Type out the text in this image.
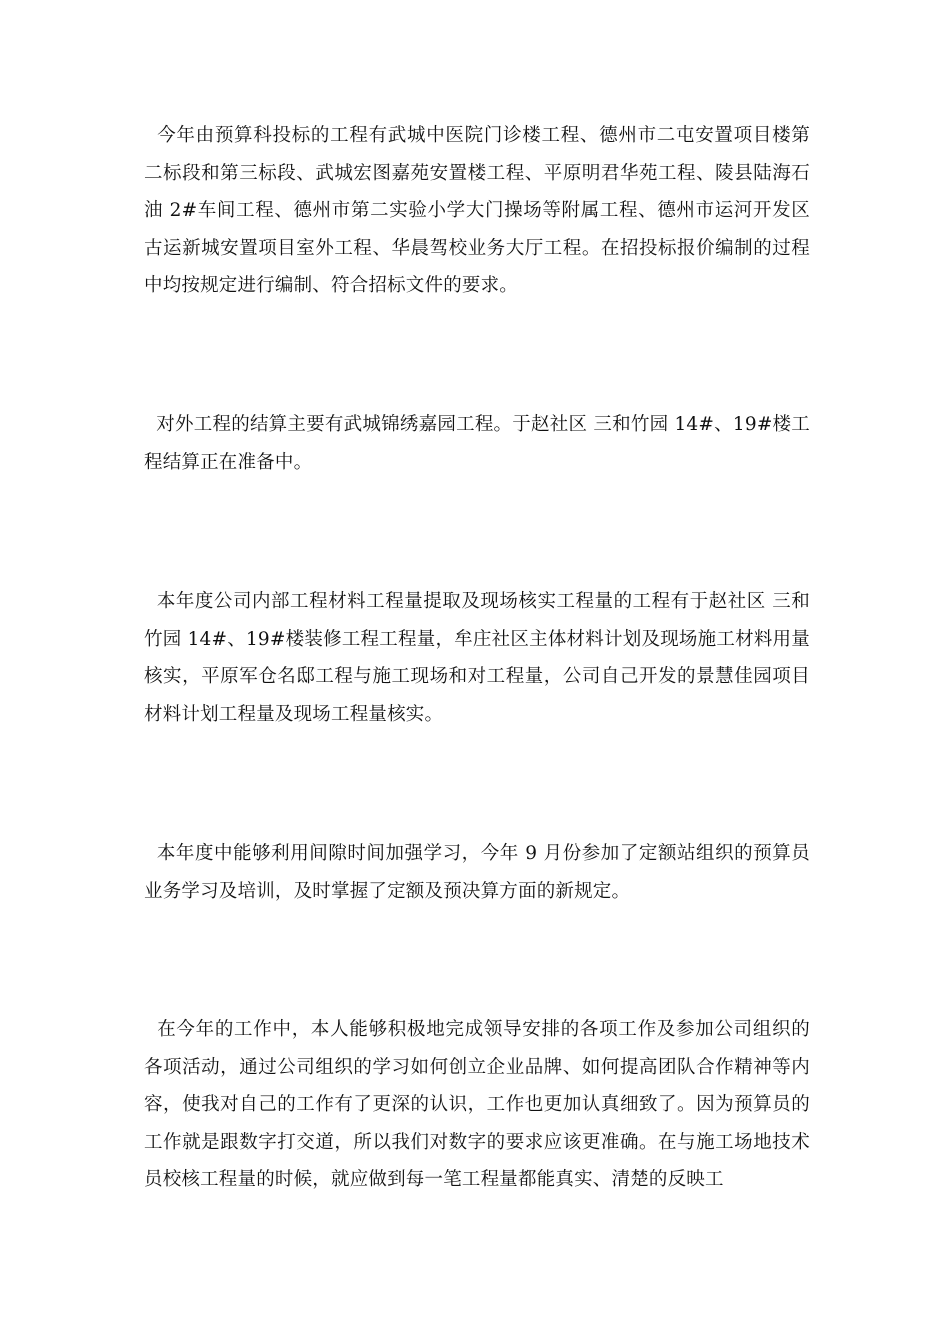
今年由预算科投标的工程有武城中医院门诊楼工程、德州市二屯安置项目楼第二标段和第三标段、武城宏图嘉苑安置楼工程、平原明君华苑工程、陵县陆海石油 2#车间工程、德州市第二实验小学大门操场等附属工程、德州市运河开发区古运新城安置项目室外工程、华晨驾校业务大厅工程。在招投标报价编制的过程中均按规定进行编制、符合招标文件的要求。

对外工程的结算主要有武城锦绣嘉园工程。于赵社区 三和竹园 14#、19#楼工程结算正在准备中。

本年度公司内部工程材料工程量提取及现场核实工程量的工程有于赵社区 三和竹园 14#、19#楼装修工程工程量，牟庄社区主体材料计划及现场施工材料用量核实，平原军仓名邸工程与施工现场和对工程量，公司自己开发的景慧佳园项目材料计划工程量及现场工程量核实。

本年度中能够利用间隙时间加强学习，今年 9 月份参加了定额站组织的预算员业务学习及培训，及时掌握了定额及预决算方面的新规定。

在今年的工作中，本人能够积极地完成领导安排的各项工作及参加公司组织的各项活动，通过公司组织的学习如何创立企业品牌、如何提高团队合作精神等内容，使我对自己的工作有了更深的认识，工作也更加认真细致了。因为预算员的工作就是跟数字打交道，所以我们对数字的要求应该更准确。在与施工场地技术员校核工程量的时候，就应做到每一笔工程量都能真实、清楚的反映工
